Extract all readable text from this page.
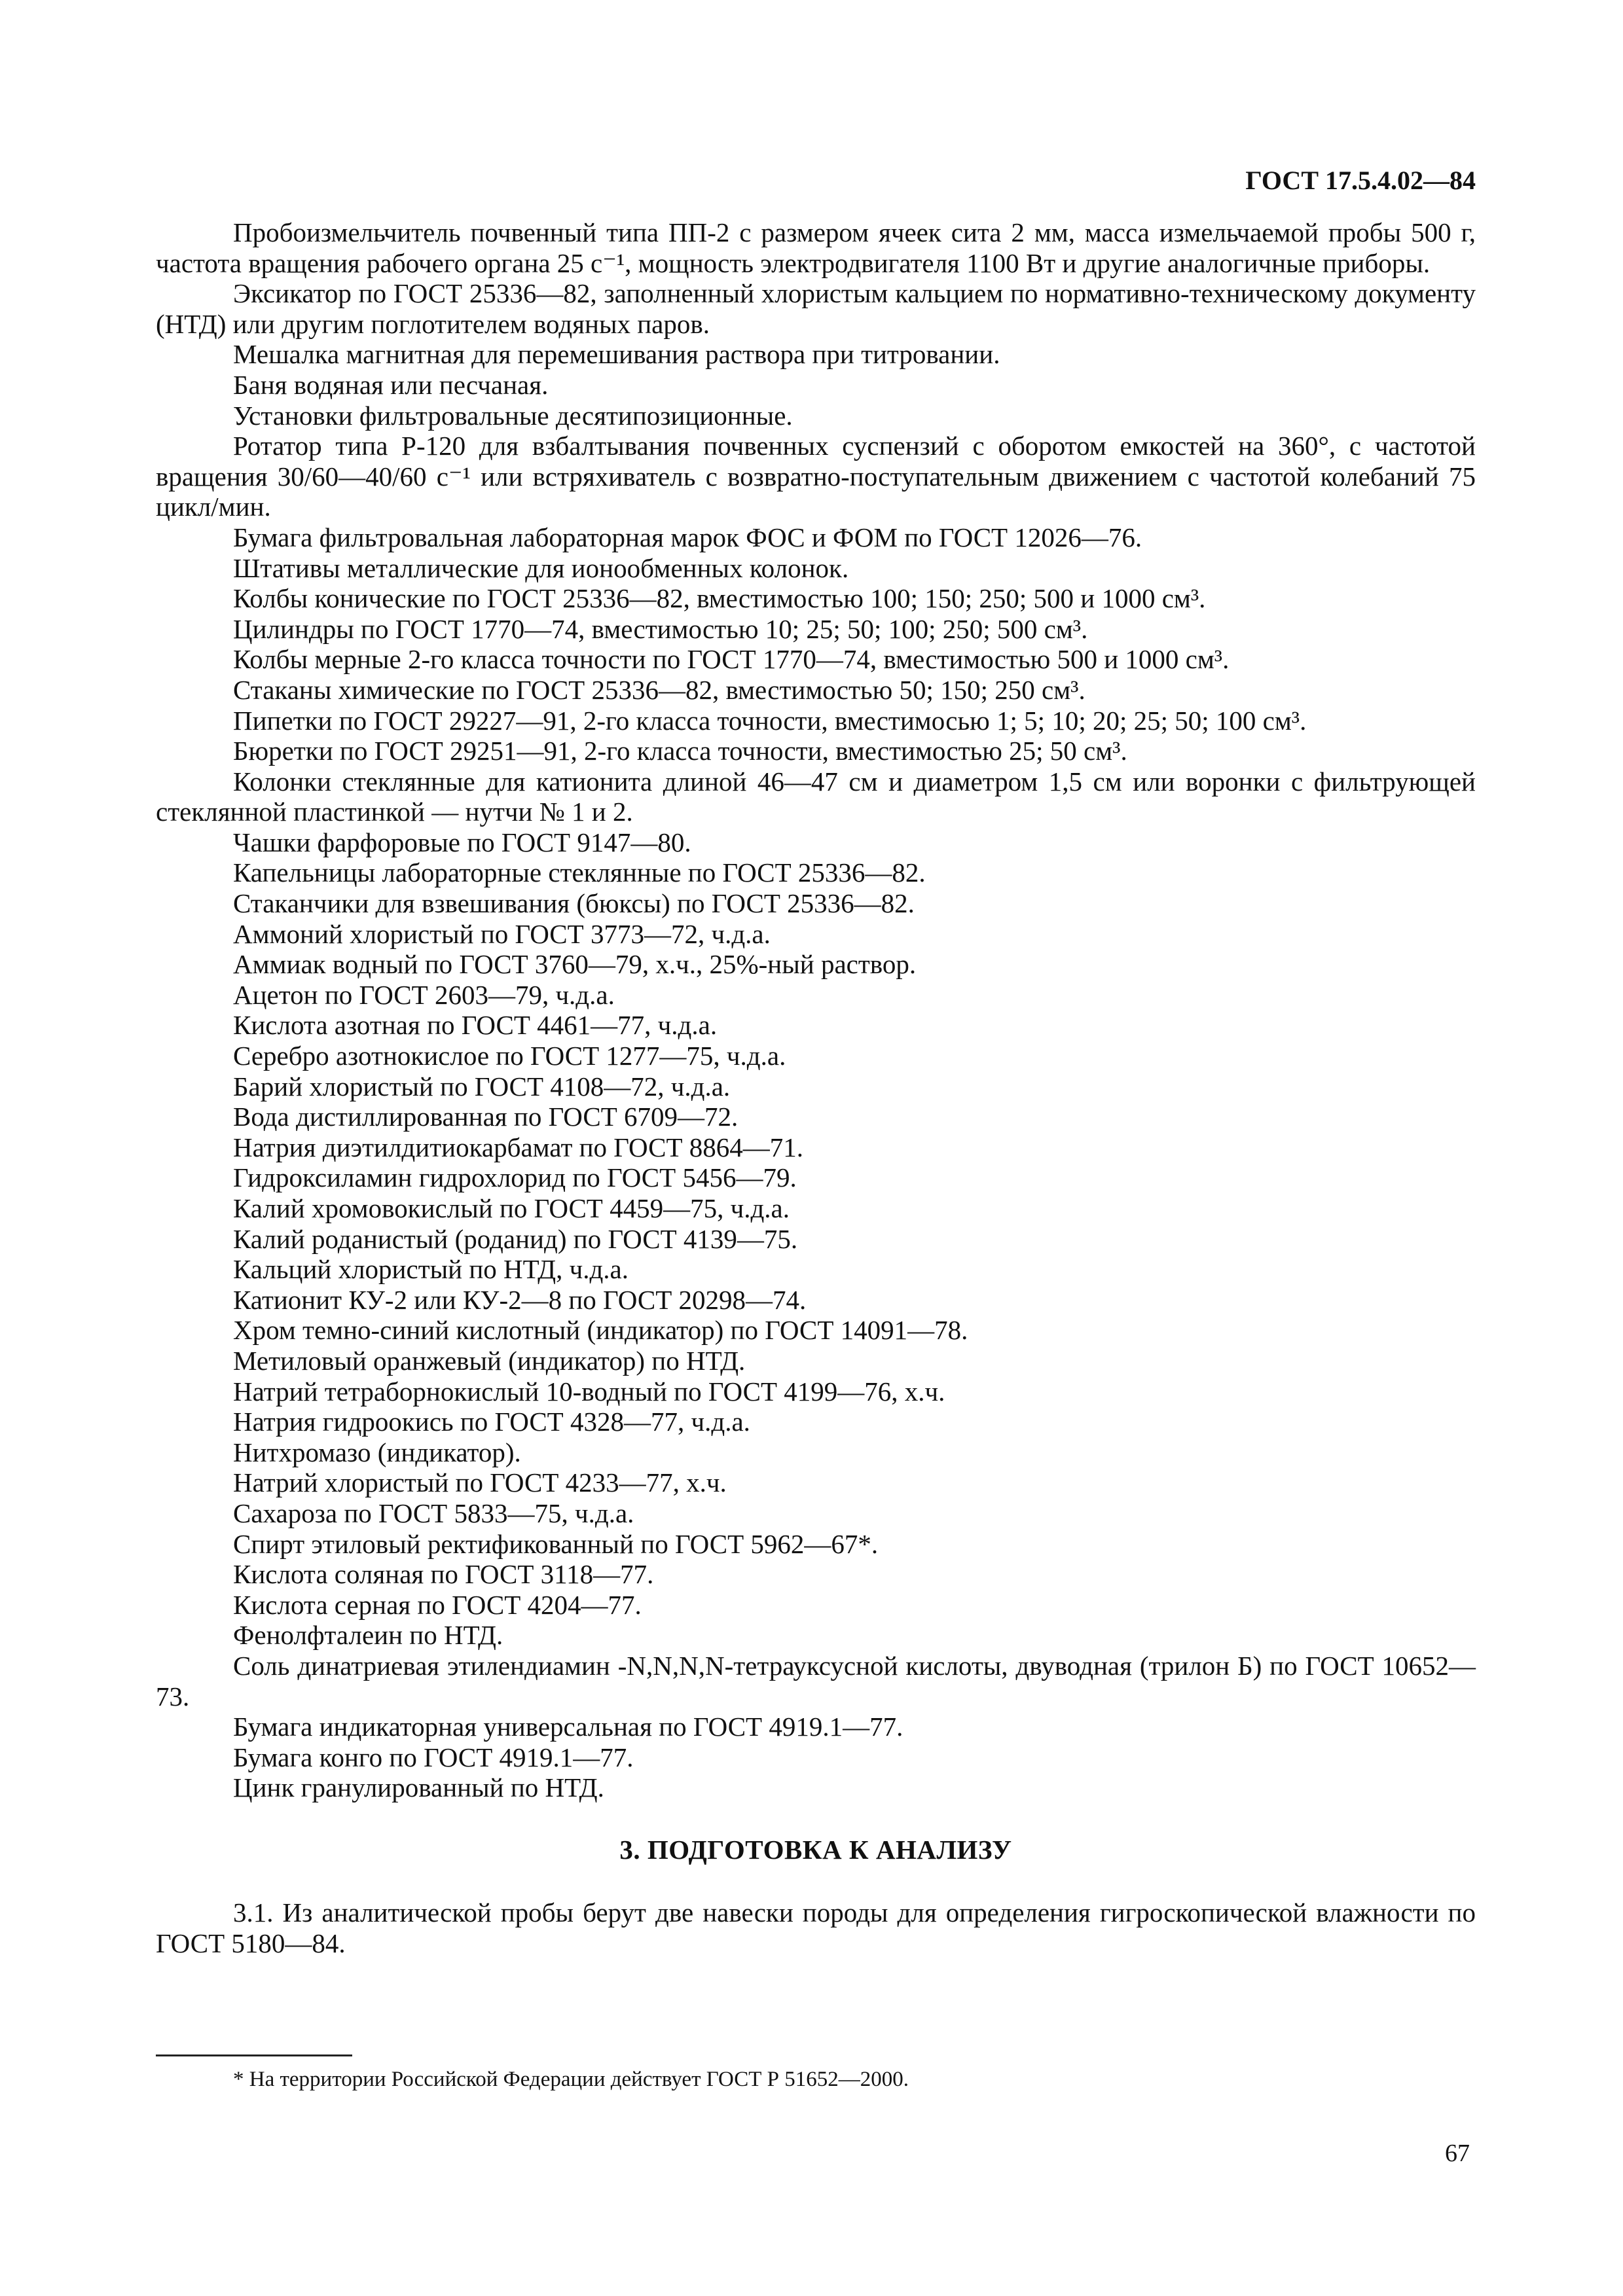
ГОСТ 17.5.4.02—84

Пробоизмельчитель почвенный типа ПП-2 с размером ячеек сита 2 мм, масса измельчаемой пробы 500 г, частота вращения рабочего органа 25 с⁻¹, мощность электродвигателя 1100 Вт и другие аналогичные приборы.

Эксикатор по ГОСТ 25336—82, заполненный хлористым кальцием по нормативно-техническому документу (НТД) или другим поглотителем водяных паров.

Мешалка магнитная для перемешивания раствора при титровании.

Баня водяная или песчаная.

Установки фильтровальные десятипозиционные.

Ротатор типа Р-120 для взбалтывания почвенных суспензий с оборотом емкостей на 360°, с частотой вращения 30/60—40/60 с⁻¹ или встряхиватель с возвратно-поступательным движением с частотой колебаний 75 цикл/мин.

Бумага фильтровальная лабораторная марок ФОС и ФОМ по ГОСТ 12026—76.

Штативы металлические для ионообменных колонок.

Колбы конические по ГОСТ 25336—82, вместимостью 100; 150; 250; 500 и 1000 см³.

Цилиндры по ГОСТ 1770—74, вместимостью 10; 25; 50; 100; 250; 500 см³.

Колбы мерные 2-го класса точности по ГОСТ 1770—74, вместимостью 500 и 1000 см³.

Стаканы химические по ГОСТ 25336—82, вместимостью 50; 150; 250 см³.

Пипетки по ГОСТ 29227—91, 2-го класса точности, вместимосью 1; 5; 10; 20; 25; 50; 100 см³.

Бюретки по ГОСТ 29251—91, 2-го класса точности, вместимостью 25; 50 см³.

Колонки стеклянные для катионита длиной 46—47 см и диаметром 1,5 см или воронки с фильтрующей стеклянной пластинкой — нутчи № 1 и 2.

Чашки фарфоровые по ГОСТ 9147—80.

Капельницы лабораторные стеклянные по ГОСТ 25336—82.

Стаканчики для взвешивания (бюксы) по ГОСТ 25336—82.

Аммоний хлористый по ГОСТ 3773—72, ч.д.а.

Аммиак водный по ГОСТ 3760—79, х.ч., 25%-ный раствор.

Ацетон по ГОСТ 2603—79, ч.д.а.

Кислота азотная по ГОСТ 4461—77, ч.д.а.

Серебро азотнокислое по ГОСТ 1277—75, ч.д.а.

Барий хлористый по ГОСТ 4108—72, ч.д.а.

Вода дистиллированная по ГОСТ 6709—72.

Натрия диэтилдитиокарбамат по ГОСТ 8864—71.

Гидроксиламин гидрохлорид по ГОСТ 5456—79.

Калий хромовокислый по ГОСТ 4459—75, ч.д.а.

Калий роданистый (роданид) по ГОСТ 4139—75.

Кальций хлористый по НТД, ч.д.а.

Катионит КУ-2 или КУ-2—8 по ГОСТ 20298—74.

Хром темно-синий кислотный (индикатор) по ГОСТ 14091—78.

Метиловый оранжевый (индикатор) по НТД.

Натрий тетраборнокислый 10-водный по ГОСТ 4199—76, х.ч.

Натрия гидроокись по ГОСТ 4328—77, ч.д.а.

Нитхромазо (индикатор).

Натрий хлористый по ГОСТ 4233—77, х.ч.

Сахароза по ГОСТ 5833—75, ч.д.а.

Спирт этиловый ректификованный по ГОСТ 5962—67*.

Кислота соляная по ГОСТ 3118—77.

Кислота серная по ГОСТ 4204—77.

Фенолфталеин по НТД.

Соль динатриевая этилендиамин -N,N,N,N-тетрауксусной кислоты, двуводная (трилон Б) по ГОСТ 10652—73.

Бумага индикаторная универсальная по ГОСТ 4919.1—77.

Бумага конго по ГОСТ 4919.1—77.

Цинк гранулированный по НТД.

3. ПОДГОТОВКА К АНАЛИЗУ

3.1. Из аналитической пробы берут две навески породы для определения гигроскопической влажности по ГОСТ 5180—84.

* На территории Российской Федерации действует ГОСТ Р 51652—2000.
67
